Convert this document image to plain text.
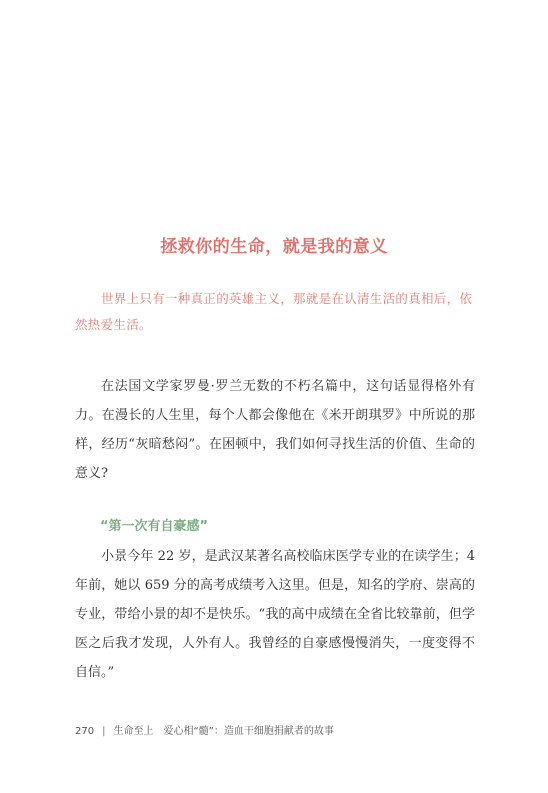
拯救你的生命，就是我的意义
世界上只有一种真正的英雄主义，那就是在认清生活的真相后，依然热爱生活。
在法国文学家罗曼·罗兰无数的不朽名篇中，这句话显得格外有力。在漫长的人生里，每个人都会像他在《米开朗琪罗》中所说的那样，经历“灰暗愁闷”。在困顿中，我们如何寻找生活的价值、生命的意义?
“第一次有自豪感”
小景今年 22 岁，是武汉某著名高校临床医学专业的在读学生；4 年前，她以 659 分的高考成绩考入这里。但是，知名的学府、崇高的专业，带给小景的却不是快乐。“我的高中成绩在全省比较靠前，但学医之后我才发现，人外有人。我曾经的自豪感慢慢消失，一度变得不自信。”
270 | 生命至上 爱心相“髓”：造血干细胞捐献者的故事
